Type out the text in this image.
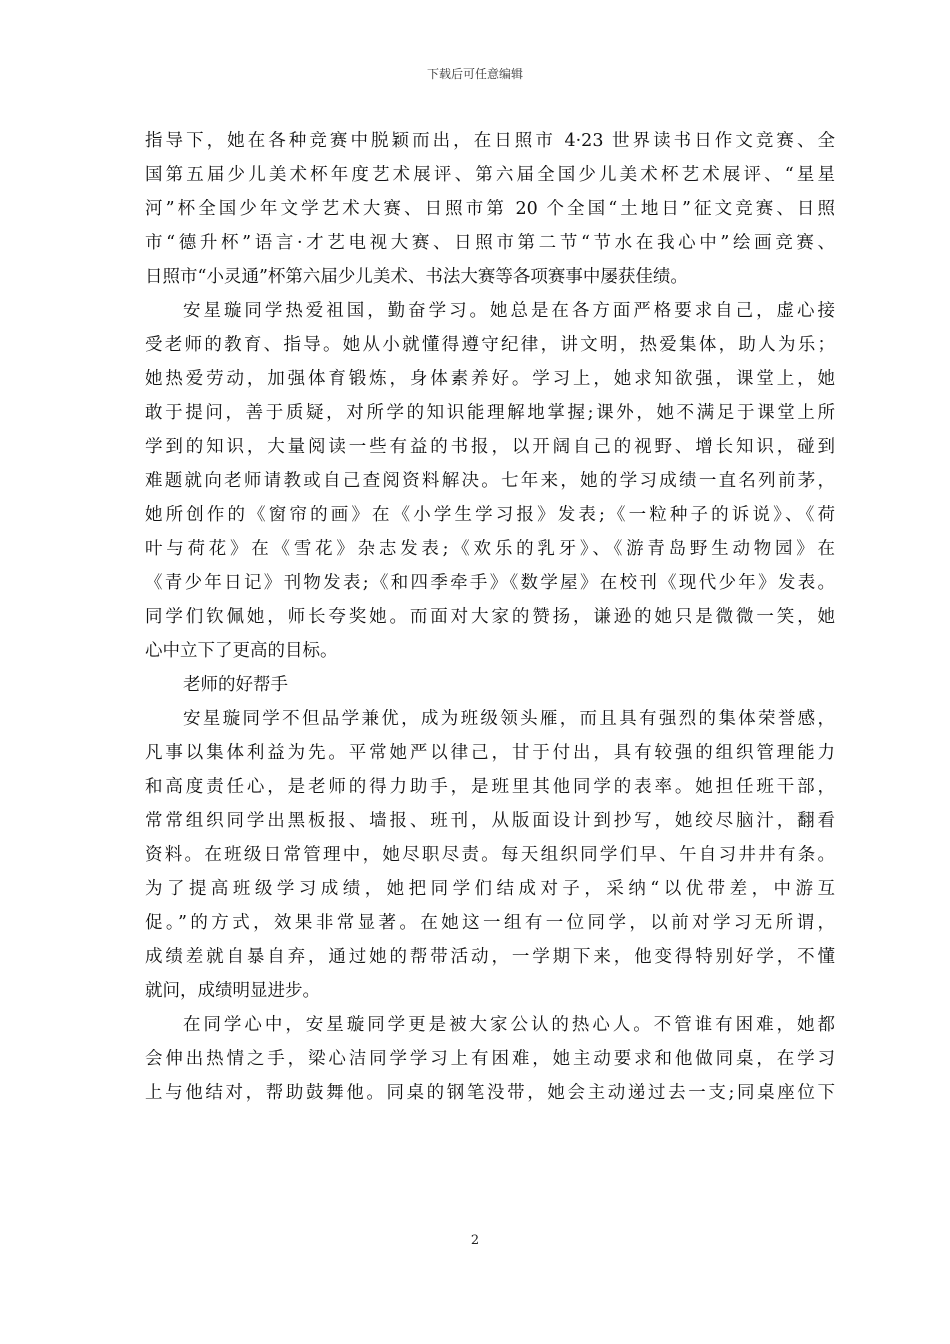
下载后可任意编辑
指导下，她在各种竞赛中脱颖而出，在日照市 4·23 世界读书日作文竞赛、全
国第五届少儿美术杯年度艺术展评、第六届全国少儿美术杯艺术展评、“星星
河”杯全国少年文学艺术大赛、日照市第 20 个全国“土地日”征文竞赛、日照
市“德升杯”语言·才艺电视大赛、日照市第二节“节水在我心中”绘画竞赛、
日照市“小灵通”杯第六届少儿美术、书法大赛等各项赛事中屡获佳绩。
安星璇同学热爱祖国，勤奋学习。她总是在各方面严格要求自己，虚心接
受老师的教育、指导。她从小就懂得遵守纪律，讲文明，热爱集体，助人为乐；
她热爱劳动，加强体育锻炼，身体素养好。学习上，她求知欲强，课堂上，她
敢于提问，善于质疑，对所学的知识能理解地掌握;课外，她不满足于课堂上所
学到的知识，大量阅读一些有益的书报，以开阔自己的视野、增长知识，碰到
难题就向老师请教或自己查阅资料解决。七年来，她的学习成绩一直名列前茅，
她所创作的《窗帘的画》在《小学生学习报》发表;《一粒种子的诉说》、《荷
叶与荷花》在《雪花》杂志发表;《欢乐的乳牙》、《游青岛野生动物园》在
《青少年日记》刊物发表;《和四季牵手》《数学屋》在校刊《现代少年》发表。
同学们钦佩她，师长夸奖她。而面对大家的赞扬，谦逊的她只是微微一笑，她
心中立下了更高的目标。
老师的好帮手
安星璇同学不但品学兼优，成为班级领头雁，而且具有强烈的集体荣誉感，
凡事以集体利益为先。平常她严以律己，甘于付出，具有较强的组织管理能力
和高度责任心，是老师的得力助手，是班里其他同学的表率。她担任班干部，
常常组织同学出黑板报、墙报、班刊，从版面设计到抄写，她绞尽脑汁，翻看
资料。在班级日常管理中，她尽职尽责。每天组织同学们早、午自习井井有条。
为了提高班级学习成绩，她把同学们结成对子，采纳“以优带差，中游互
促。”的方式，效果非常显著。在她这一组有一位同学，以前对学习无所谓，
成绩差就自暴自弃，通过她的帮带活动，一学期下来，他变得特别好学，不懂
就问，成绩明显进步。
在同学心中，安星璇同学更是被大家公认的热心人。不管谁有困难，她都
会伸出热情之手，梁心洁同学学习上有困难，她主动要求和他做同桌，在学习
上与他结对，帮助鼓舞他。同桌的钢笔没带，她会主动递过去一支;同桌座位下
2
